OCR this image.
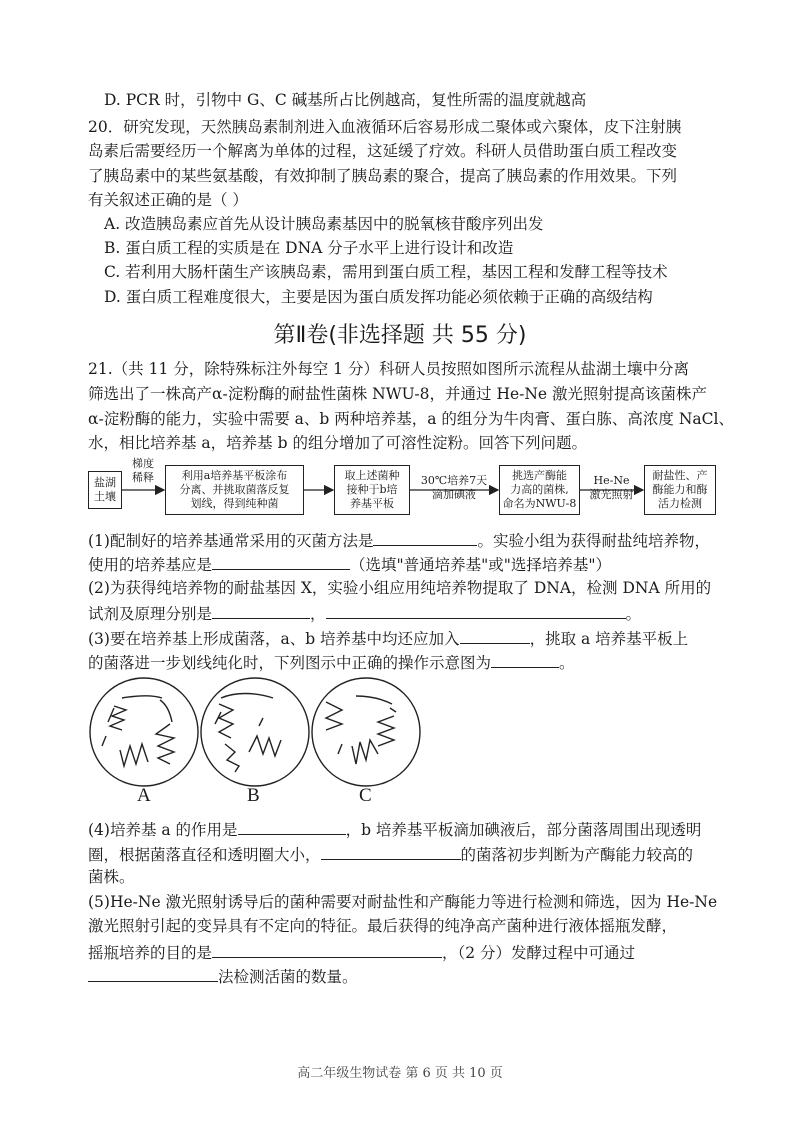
D. PCR 时，引物中 G、C 碱基所占比例越高，复性所需的温度就越高
20．研究发现，天然胰岛素制剂进入血液循环后容易形成二聚体或六聚体，皮下注射胰
岛素后需要经历一个解离为单体的过程，这延缓了疗效。科研人员借助蛋白质工程改变
了胰岛素中的某些氨基酸，有效抑制了胰岛素的聚合，提高了胰岛素的作用效果。下列
有关叙述正确的是（ ）
A. 改造胰岛素应首先从设计胰岛素基因中的脱氧核苷酸序列出发
B. 蛋白质工程的实质是在 DNA 分子水平上进行设计和改造
C. 若利用大肠杆菌生产该胰岛素，需用到蛋白质工程，基因工程和发酵工程等技术
D. 蛋白质工程难度很大，主要是因为蛋白质发挥功能必须依赖于正确的高级结构
第Ⅱ卷(非选择题 共 55 分)
21.（共 11 分，除特殊标注外每空 1 分）科研人员按照如图所示流程从盐湖土壤中分离
筛选出了一株高产α-淀粉酶的耐盐性菌株 NWU-8，并通过 He-Ne 激光照射提高该菌株产
α-淀粉酶的能力，实验中需要 a、b 两种培养基，a 的组分为牛肉膏、蛋白胨、高浓度 NaCl、
水，相比培养基 a，培养基 b 的组分增加了可溶性淀粉。回答下列问题。
盐湖
土壤
利用a培养基平板涂布
分离、并挑取菌落反复
划线，得到纯种菌
取上述菌种
接种于b培
养基平板
挑选产酶能
力高的菌株,
命名为NWU-8
耐盐性、产
酶能力和酶
活力检测
梯度
稀释	30℃培养7天
滴加碘液
He-Ne
激光照射
(1)配制好的培养基通常采用的灭菌方法是	。实验小组为获得耐盐纯培养物，
使用的培养基应是	（选填"普通培养基"或"选择培养基"）
(2)为获得纯培养物的耐盐基因 X，实验小组应用纯培养物提取了 DNA，检测 DNA 所用的
试剂及原理分别是	，	。
(3)要在培养基上形成菌落，a、b 培养基中均还应加入	，挑取 a 培养基平板上
的菌落进一步划线纯化时，下列图示中正确的操作示意图为	。
A	B	C
(4)培养基 a 的作用是	，b 培养基平板滴加碘液后，部分菌落周围出现透明
圈，根据菌落直径和透明圈大小，	的菌落初步判断为产酶能力较高的
菌株。
(5)He-Ne 激光照射诱导后的菌种需要对耐盐性和产酶能力等进行检测和筛选，因为 He-Ne
激光照射引起的变异具有不定向的特征。最后获得的纯净高产菌种进行液体摇瓶发酵，
摇瓶培养的目的是	，（2 分）发酵过程中可通过
法检测活菌的数量。
高二年级生物试卷 第 6 页 共 10 页
